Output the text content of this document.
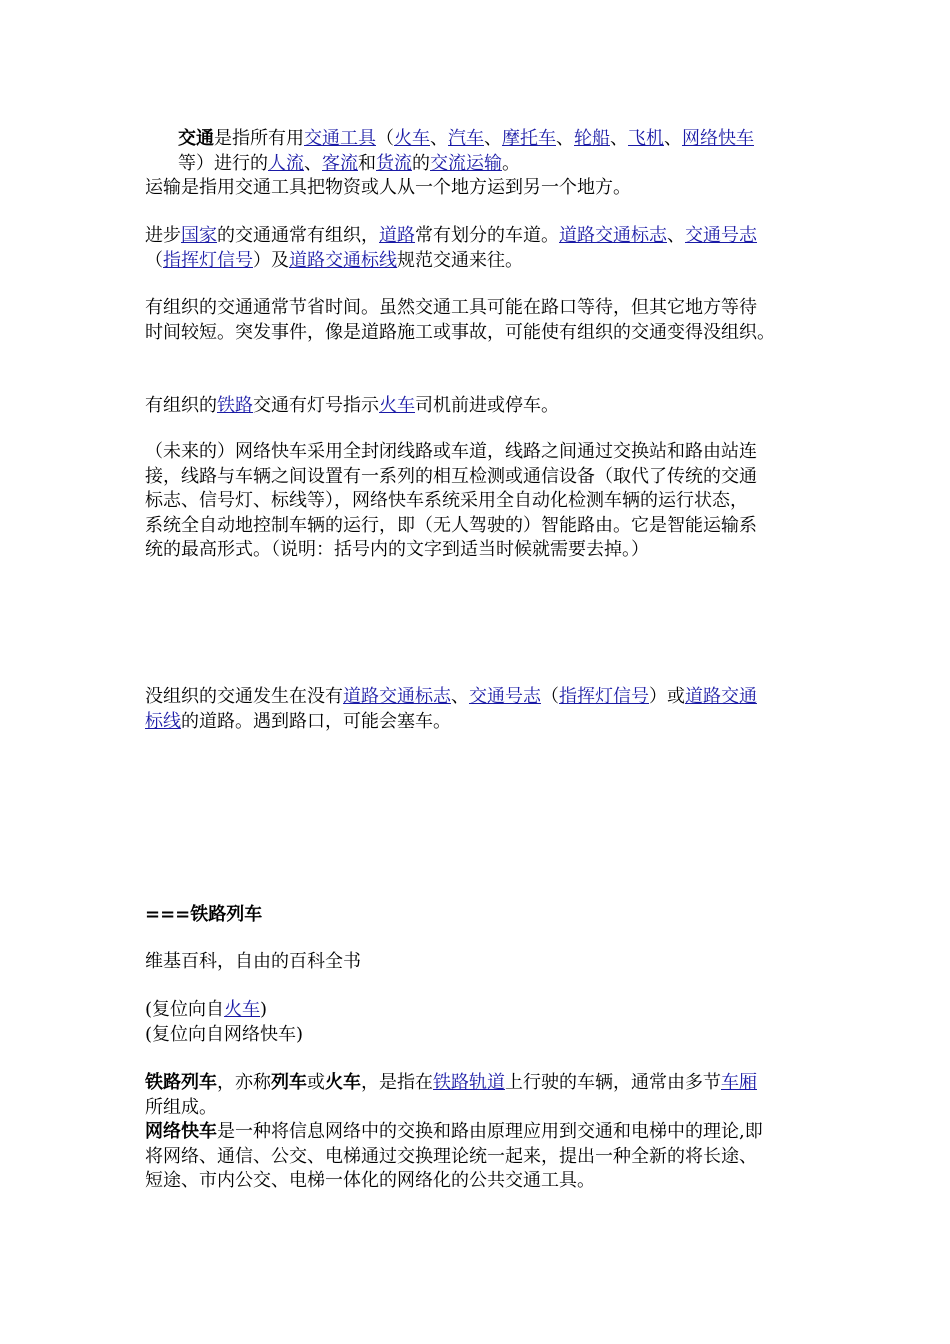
交通是指所有用交通工具（火车、汽车、摩托车、轮船、飞机、网络快车
等）进行的人流、客流和货流的交流运输。
运输是指用交通工具把物资或人从一个地方运到另一个地方。
进步国家的交通通常有组织，道路常有划分的车道。道路交通标志、交通号志
（指挥灯信号）及道路交通标线规范交通来往。
有组织的交通通常节省时间。虽然交通工具可能在路口等待，但其它地方等待
时间较短。突发事件，像是道路施工或事故，可能使有组织的交通变得没组织。
有组织的铁路交通有灯号指示火车司机前进或停车。
（未来的）网络快车采用全封闭线路或车道，线路之间通过交换站和路由站连
接，线路与车辆之间设置有一系列的相互检测或通信设备（取代了传统的交通
标志、信号灯、标线等），网络快车系统采用全自动化检测车辆的运行状态，
系统全自动地控制车辆的运行，即（无人驾驶的）智能路由。它是智能运输系
统的最高形式。（说明：括号内的文字到适当时候就需要去掉。）
没组织的交通发生在没有道路交通标志、交通号志（指挥灯信号）或道路交通
标线的道路。遇到路口，可能会塞车。
===铁路列车
维基百科，自由的百科全书
(复位向自火车)
(复位向自网络快车)
铁路列车，亦称列车或火车，是指在铁路轨道上行驶的车辆，通常由多节车厢
所组成。
网络快车是一种将信息网络中的交换和路由原理应用到交通和电梯中的理论,即
将网络、通信、公交、电梯通过交换理论统一起来，提出一种全新的将长途、
短途、市内公交、电梯一体化的网络化的公共交通工具。
